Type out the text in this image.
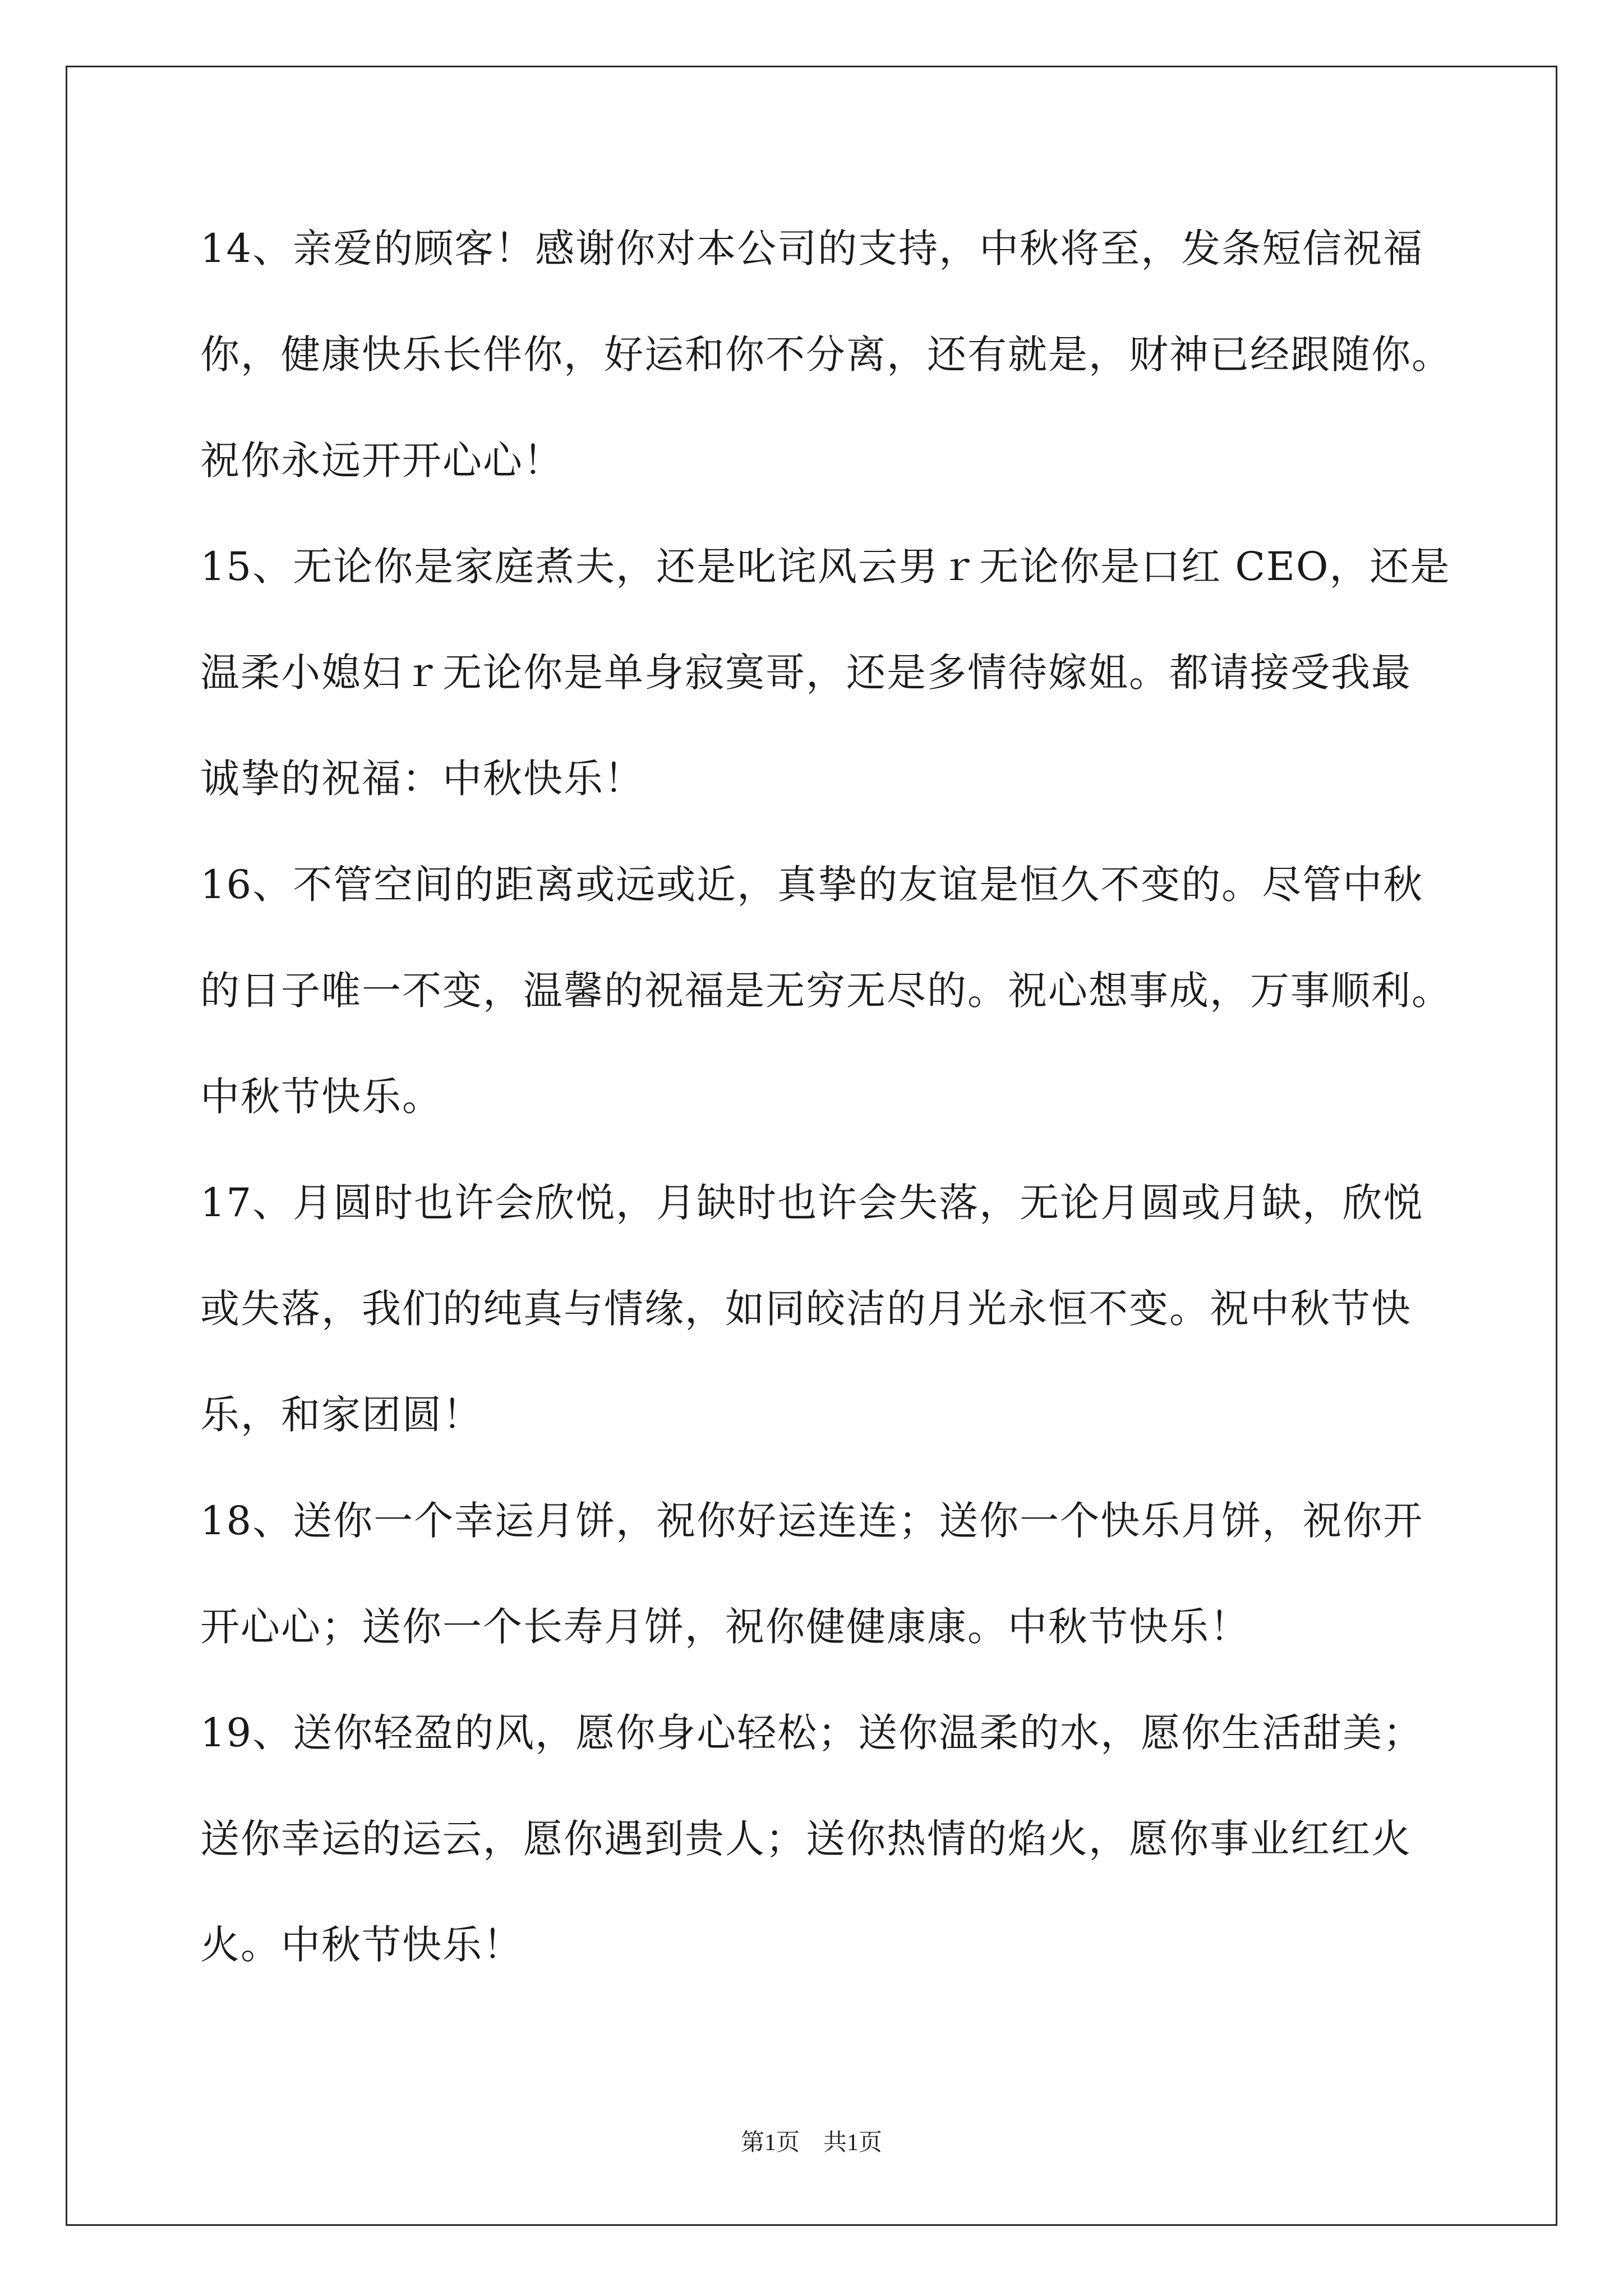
14、亲爱的顾客！感谢你对本公司的支持，中秋将至，发条短信祝福
你，健康快乐长伴你，好运和你不分离，还有就是，财神已经跟随你。
祝你永远开开心心！
15、无论你是家庭煮夫，还是叱诧风云男ｒ无论你是口红 CEO，还是
温柔小媳妇ｒ无论你是单身寂寞哥，还是多情待嫁姐。都请接受我最
诚挚的祝福：中秋快乐！
16、不管空间的距离或远或近，真挚的友谊是恒久不变的。尽管中秋
的日子唯一不变，温馨的祝福是无穷无尽的。祝心想事成，万事顺利。
中秋节快乐。
17、月圆时也许会欣悦，月缺时也许会失落，无论月圆或月缺，欣悦
或失落，我们的纯真与情缘，如同皎洁的月光永恒不变。祝中秋节快
乐，和家团圆！
18、送你一个幸运月饼，祝你好运连连；送你一个快乐月饼，祝你开
开心心；送你一个长寿月饼，祝你健健康康。中秋节快乐！
19、送你轻盈的风，愿你身心轻松；送你温柔的水，愿你生活甜美；
送你幸运的运云，愿你遇到贵人；送你热情的焰火，愿你事业红红火
火。中秋节快乐！
第1页　共1页
